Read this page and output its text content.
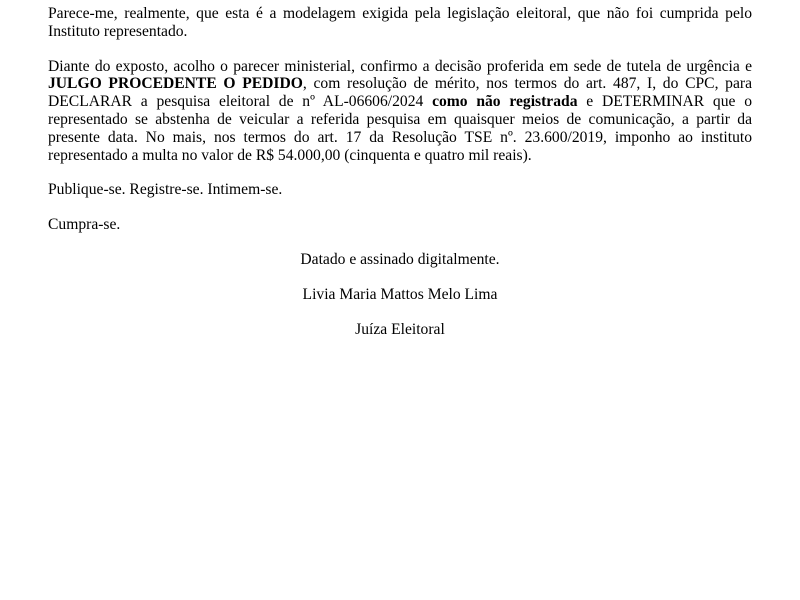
Parece-me, realmente, que esta é a modelagem exigida pela legislação eleitoral, que não foi cumprida pelo Instituto representado.

Diante do exposto, acolho o parecer ministerial, confirmo a decisão proferida em sede de tutela de urgência e JULGO PROCEDENTE O PEDIDO, com resolução de mérito, nos termos do art. 487, I, do CPC, para DECLARAR a pesquisa eleitoral de nº AL-06606/2024 como não registrada e DETERMINAR que o representado se abstenha de veicular a referida pesquisa em quaisquer meios de comunicação, a partir da presente data. No mais, nos termos do art. 17 da Resolução TSE nº. 23.600/2019, imponho ao instituto representado a multa no valor de R$ 54.000,00 (cinquenta e quatro mil reais).

Publique-se. Registre-se. Intimem-se.

Cumpra-se.

Datado e assinado digitalmente.

Livia Maria Mattos Melo Lima

Juíza Eleitoral
